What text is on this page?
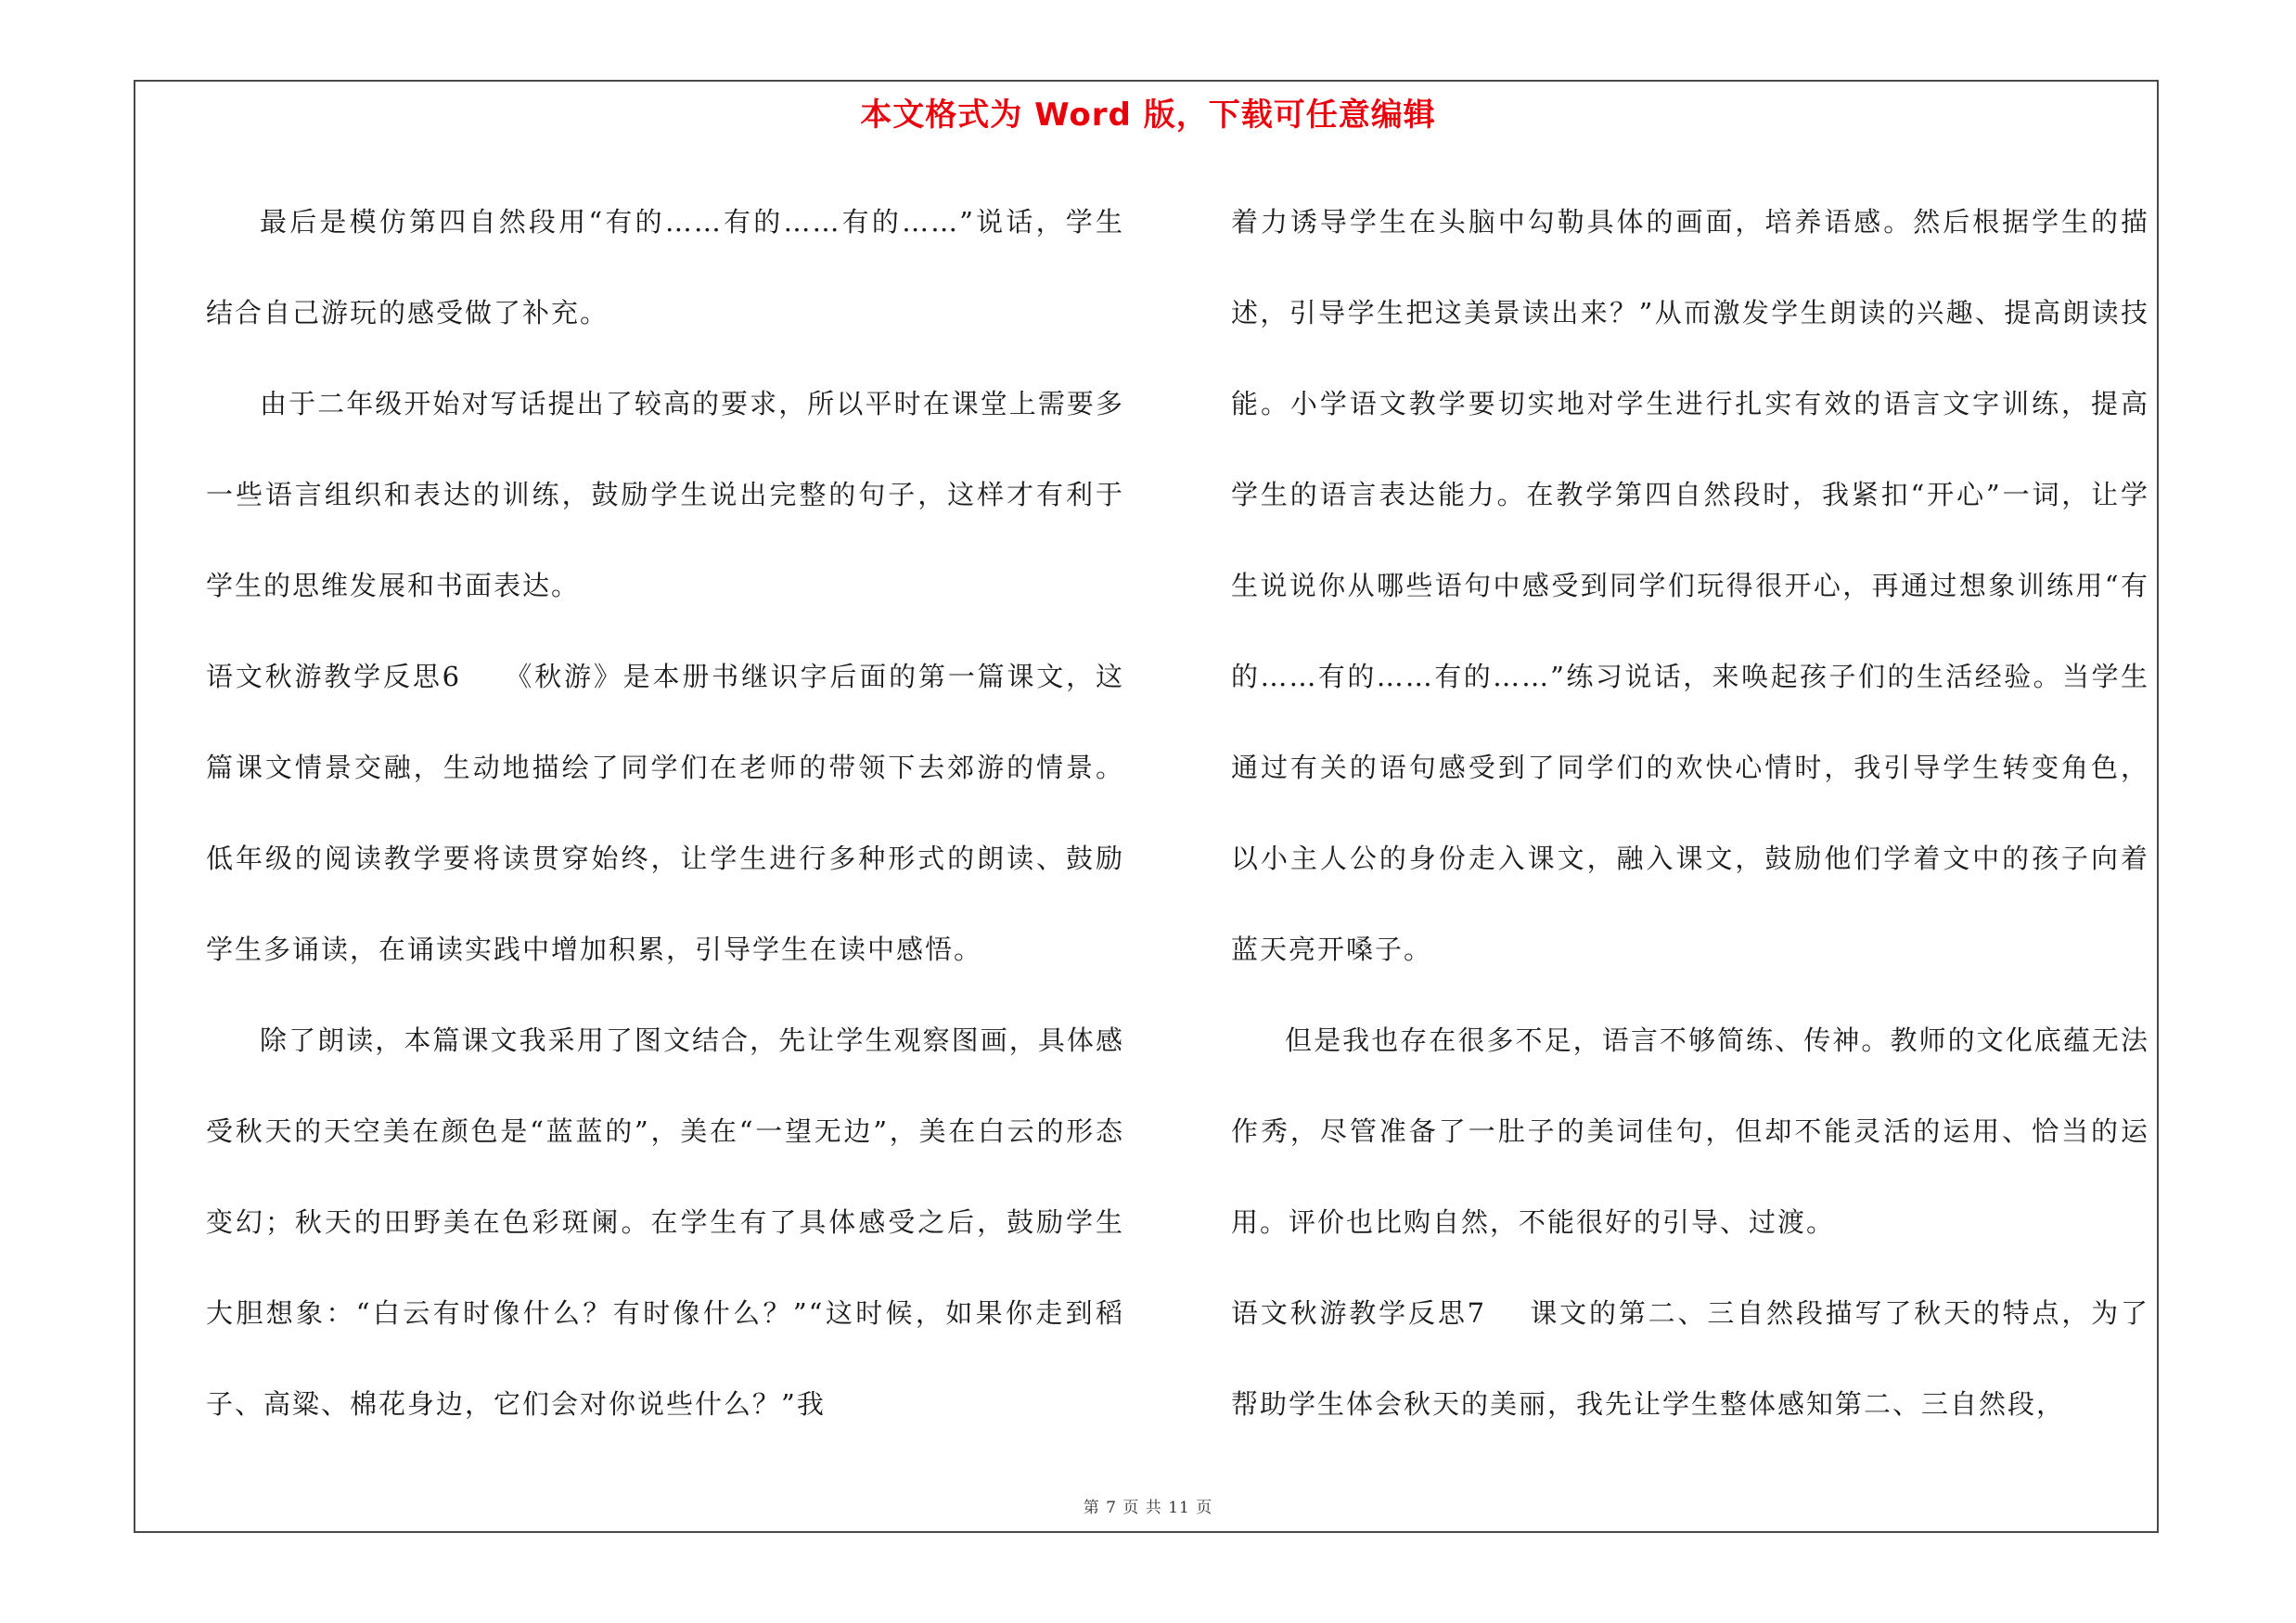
本文格式为 Word 版，下载可任意编辑

最后是模仿第四自然段用“有的……有的……有的……”说话，学生结合自己游玩的感受做了补充。

由于二年级开始对写话提出了较高的要求，所以平时在课堂上需要多一些语言组织和表达的训练，鼓励学生说出完整的句子，这样才有利于学生的思维发展和书面表达。

语文秋游教学反思6 《秋游》是本册书继识字后面的第一篇课文，这篇课文情景交融，生动地描绘了同学们在老师的带领下去郊游的情景。低年级的阅读教学要将读贯穿始终，让学生进行多种形式的朗读、鼓励学生多诵读，在诵读实践中增加积累，引导学生在读中感悟。

除了朗读，本篇课文我采用了图文结合，先让学生观察图画，具体感受秋天的天空美在颜色是“蓝蓝的”，美在“一望无边”，美在白云的形态变幻；秋天的田野美在色彩斑阑。在学生有了具体感受之后，鼓励学生大胆想象：“白云有时像什么？有时像什么？”“这时候，如果你走到稻子、高粱、棉花身边，它们会对你说些什么？”我

着力诱导学生在头脑中勾勒具体的画面，培养语感。然后根据学生的描述，引导学生把这美景读出来？”从而激发学生朗读的兴趣、提高朗读技能。小学语文教学要切实地对学生进行扎实有效的语言文字训练，提高学生的语言表达能力。在教学第四自然段时，我紧扣“开心”一词，让学生说说你从哪些语句中感受到同学们玩得很开心，再通过想象训练用“有的……有的……有的……”练习说话，来唤起孩子们的生活经验。当学生通过有关的语句感受到了同学们的欢快心情时，我引导学生转变角色，以小主人公的身份走入课文，融入课文，鼓励他们学着文中的孩子向着蓝天亮开嗓子。

但是我也存在很多不足，语言不够简练、传神。教师的文化底蕴无法作秀，尽管准备了一肚子的美词佳句，但却不能灵活的运用、恰当的运用。评价也比购自然，不能很好的引导、过渡。

语文秋游教学反思7 课文的第二、三自然段描写了秋天的特点，为了帮助学生体会秋天的美丽，我先让学生整体感知第二、三自然段，

第 7 页 共 11 页
